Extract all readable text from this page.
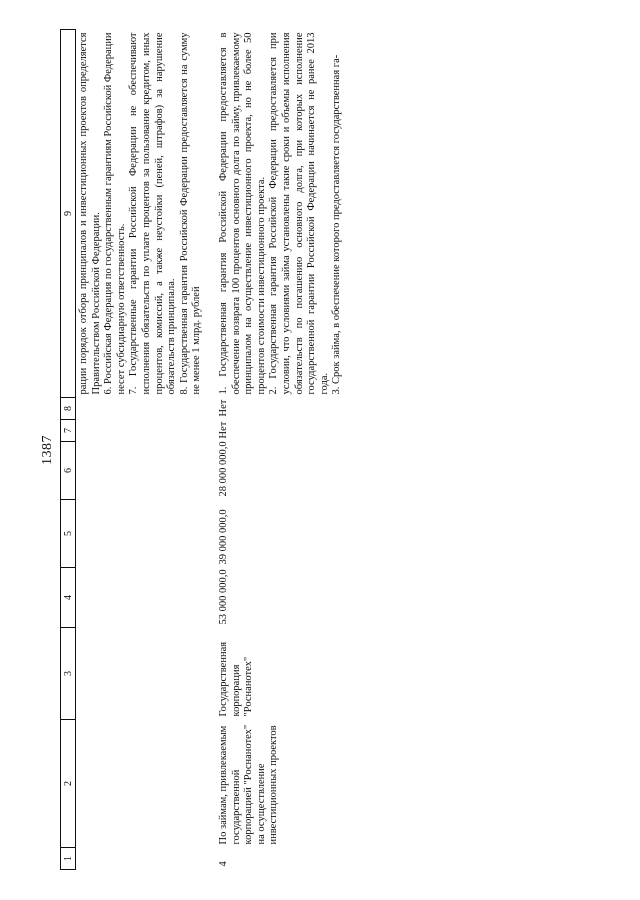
1387
1	2	3	4	5	6	7	8	9

								рации порядок отбора принципалов и инвестиционных проектов определяется Правительством Российской Федерации. 6. Российская Федерация по государственным гарантиям Российской Федерации несет субсидиарную ответственность. 7. Государственные гарантии Российской Федерации не обеспечивают исполнения обязательств по уплате процентов за пользование кредитом, иных процентов, комиссий, а также неустойки (пеней, штрафов) за нарушение обязательств принципала. 8. Государственная гарантия Российской Федерации предоставляется на сумму не менее 1 млрд. рублей

4	По займам, привлекаемым государственной корпорацией "Роснанотех" на осуществление инвестиционных проектов	Государственная корпорация "Роснанотех"	53 000 000,0	39 000 000,0	28 000 000,0	Нет	Нет	1. Государственная гарантия Российской Федерации предоставляется в обеспечение возврата 100 процентов основного долга по займу, привлекаемому принципалом на осуществление инвестиционного проекта, но не более 50 процентов стоимости инвестиционного проекта. 2. Государственная гарантия Российской Федерации предоставляется при условии, что условиями займа установлены такие сроки и объемы исполнения обязательств по погашению основного долга, при которых исполнение государственной гарантии Российской Федерации начинается не ранее 2013 года. 3. Срок займа, в обеспечение которого предоставляется государственная га-
